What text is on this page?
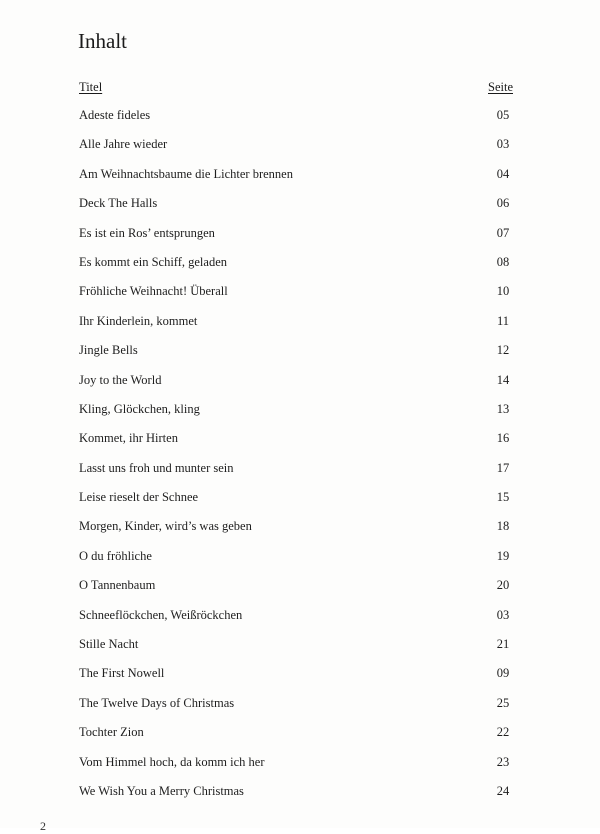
Inhalt
Titel	Seite
Adeste fideles	05
Alle Jahre wieder	03
Am Weihnachtsbaume die Lichter brennen	04
Deck The Halls	06
Es ist ein Ros’ entsprungen	07
Es kommt ein Schiff, geladen	08
Fröhliche Weihnacht! Überall	10
Ihr Kinderlein, kommet	11
Jingle Bells	12
Joy to the World	14
Kling, Glöckchen, kling	13
Kommet, ihr Hirten	16
Lasst uns froh und munter sein	17
Leise rieselt der Schnee	15
Morgen, Kinder, wird’s was geben	18
O du fröhliche	19
O Tannenbaum	20
Schneeflöckchen, Weißröckchen	03
Stille Nacht	21
The First Nowell	09
The Twelve Days of Christmas	25
Tochter Zion	22
Vom Himmel hoch, da komm ich her	23
We Wish You a Merry Christmas	24
2
